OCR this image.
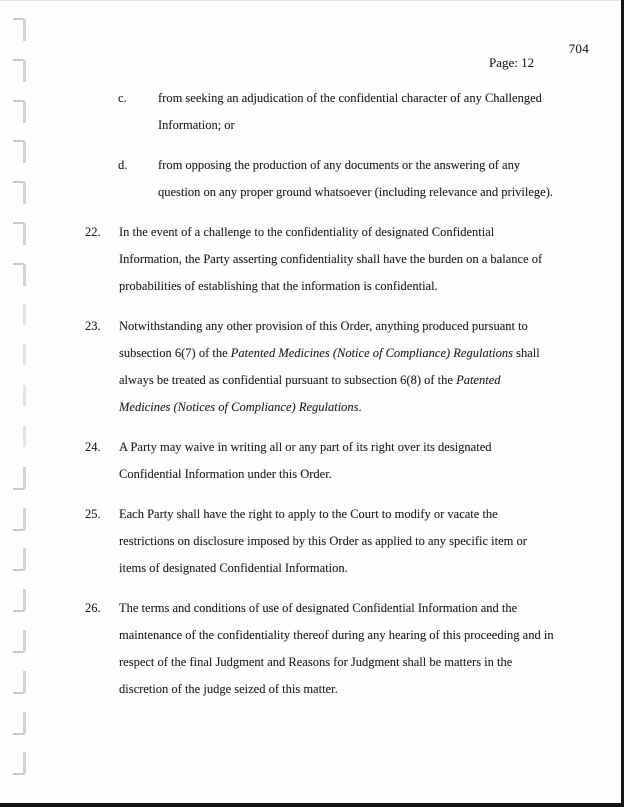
704
Page: 12
c.	from seeking an adjudication of the confidential character of any Challenged
Information; or
d.	from opposing the production of any documents or the answering of any
question on any proper ground whatsoever (including relevance and privilege).
22.	In the event of a challenge to the confidentiality of designated Confidential
Information, the Party asserting confidentiality shall have the burden on a balance of
probabilities of establishing that the information is confidential.
23.	Notwithstanding any other provision of this Order, anything produced pursuant to
subsection 6(7) of the Patented Medicines (Notice of Compliance) Regulations shall
always be treated as confidential pursuant to subsection 6(8) of the Patented
Medicines (Notices of Compliance) Regulations.
24.	A Party may waive in writing all or any part of its right over its designated
Confidential Information under this Order.
25.	Each Party shall have the right to apply to the Court to modify or vacate the
restrictions on disclosure imposed by this Order as applied to any specific item or
items of designated Confidential Information.
26.	The terms and conditions of use of designated Confidential Information and the
maintenance of the confidentiality thereof during any hearing of this proceeding and in
respect of the final Judgment and Reasons for Judgment shall be matters in the
discretion of the judge seized of this matter.
